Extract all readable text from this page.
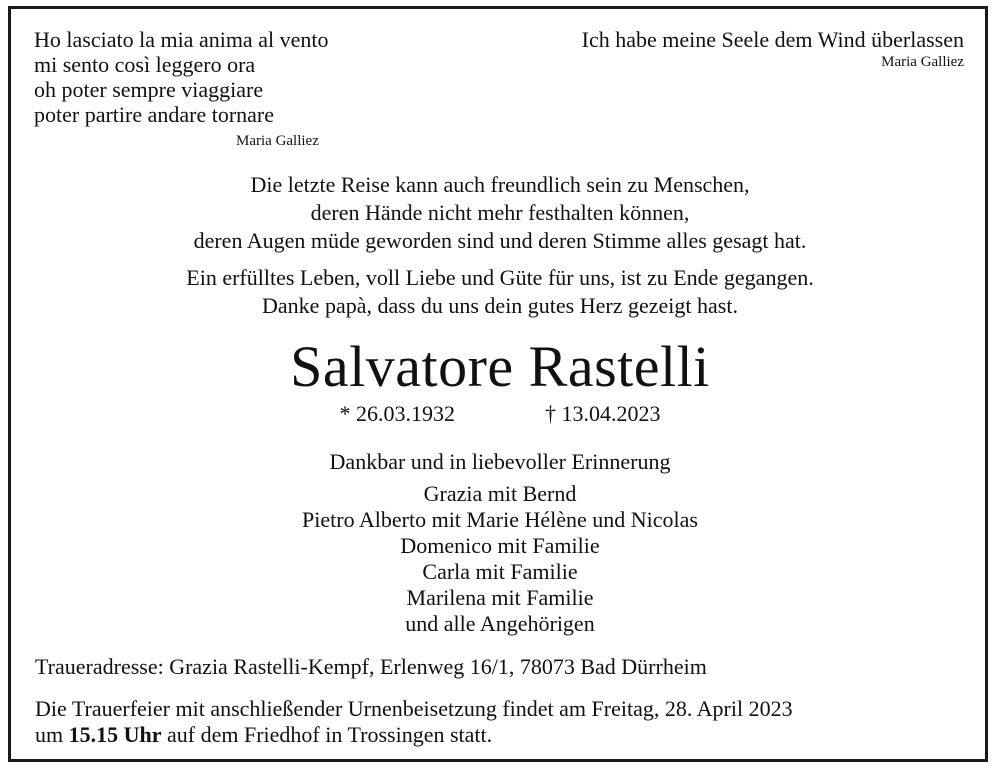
Ho lasciato la mia anima al vento
mi sento così leggero ora
oh poter sempre viaggiare
poter partire andare tornare
Maria Galliez
Ich habe meine Seele dem Wind überlassen
Maria Galliez
Die letzte Reise kann auch freundlich sein zu Menschen,
deren Hände nicht mehr festhalten können,
deren Augen müde geworden sind und deren Stimme alles gesagt hat.
Ein erfülltes Leben, voll Liebe und Güte für uns, ist zu Ende gegangen.
Danke papà, dass du uns dein gutes Herz gezeigt hast.
Salvatore Rastelli
* 26.03.1932	† 13.04.2023
Dankbar und in liebevoller Erinnerung
Grazia mit Bernd
Pietro Alberto mit Marie Hélène und Nicolas
Domenico mit Familie
Carla mit Familie
Marilena mit Familie
und alle Angehörigen
Traueradresse: Grazia Rastelli-Kempf, Erlenweg 16/1, 78073 Bad Dürrheim
Die Trauerfeier mit anschließender Urnenbeisetzung findet am Freitag, 28. April 2023
um 15.15 Uhr auf dem Friedhof in Trossingen statt.
